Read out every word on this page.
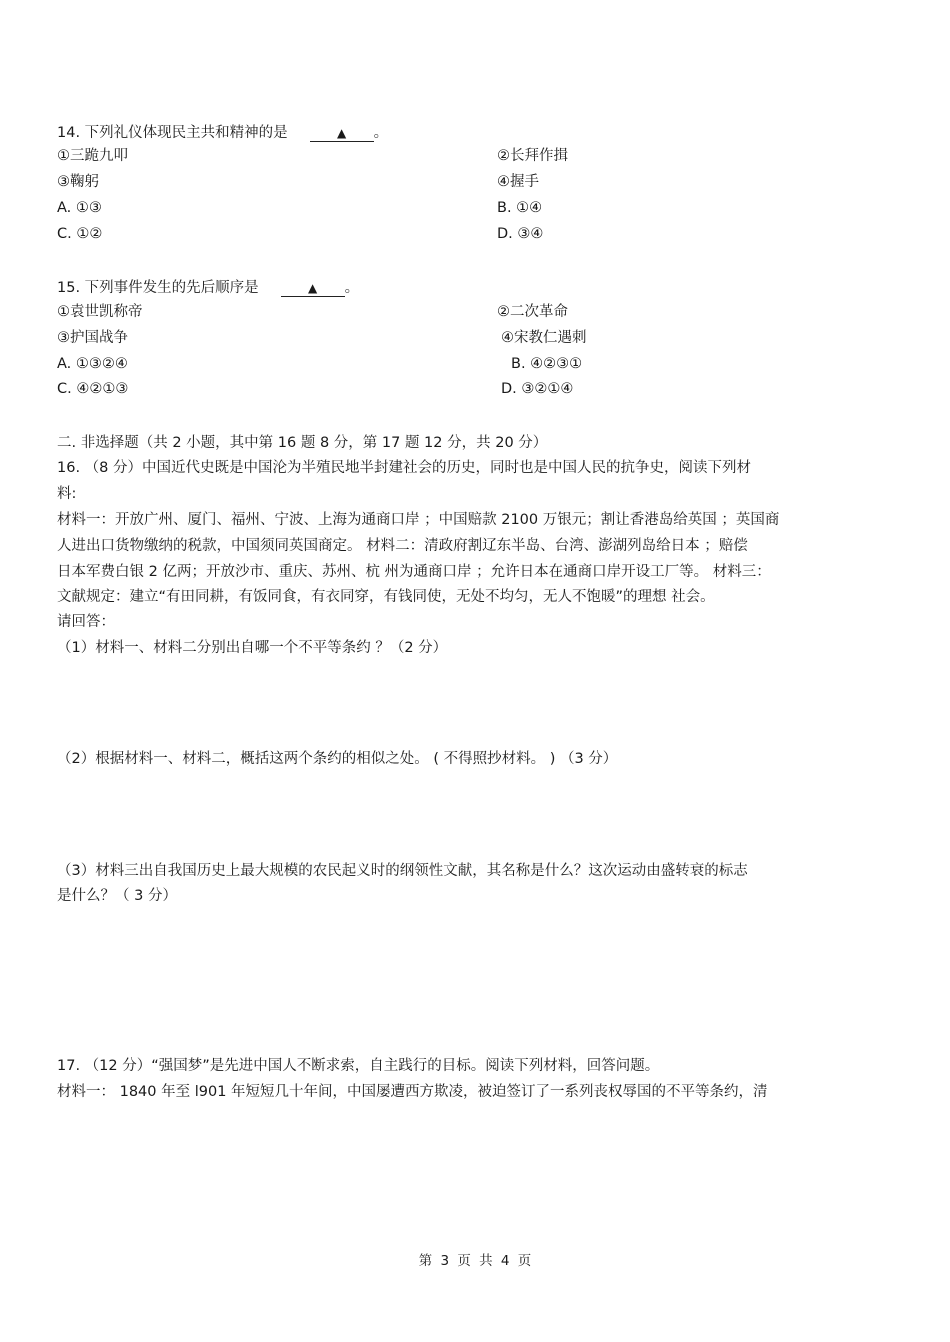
14. 下列礼仪体现民主共和精神的是	▲ 。
①三跪九叩	②长拜作揖
③鞠躬	④握手
A. ①③	B. ①④
C. ①②	D. ③④
15. 下列事件发生的先后顺序是	▲ 。
①袁世凯称帝	②二次革命
③护国战争	④宋教仁遇刺
A. ①③②④	B. ④②③①
C. ④②①③	D. ③②①④
二. 非选择题（共 2 小题，其中第 16 题 8 分，第 17 题 12 分，共 20 分）
16. （8 分）中国近代史既是中国沦为半殖民地半封建社会的历史，同时也是中国人民的抗争史，阅读下列材
料:
材料一：开放广州、厦门、福州、宁波、上海为通商口岸 ；中国赔款 2100 万银元；割让香港岛给英国 ；英国商
人进出口货物缴纳的税款，中国须同英国商定。 材料二：清政府割辽东半岛、台湾、澎湖列岛给日本 ；赔偿
日本军费白银 2 亿两；开放沙市、重庆、苏州、杭 州为通商口岸 ；允许日本在通商口岸开设工厂等。 材料三：
文献规定：建立“有田同耕，有饭同食，有衣同穿，有钱同使，无处不均匀，无人不饱暖”的理想 社会。
请回答：
（1）材料一、材料二分别出自哪一个不平等条约 ？（2 分）
（2）根据材料一、材料二，概括这两个条约的相似之处。 ( 不得照抄材料。 ) （3 分）
（3）材料三出自我国历史上最大规模的农民起义时的纲领性文献，其名称是什么？这次运动由盛转衰的标志
是什么？（ 3 分）
17. （12 分）“强国梦”是先进中国人不断求索，自主践行的目标。阅读下列材料，回答问题。
材料一： 1840 年至 l901 年短短几十年间，中国屡遭西方欺凌，被迫签订了一系列丧权辱国的不平等条约，清
第 3 页 共 4 页
